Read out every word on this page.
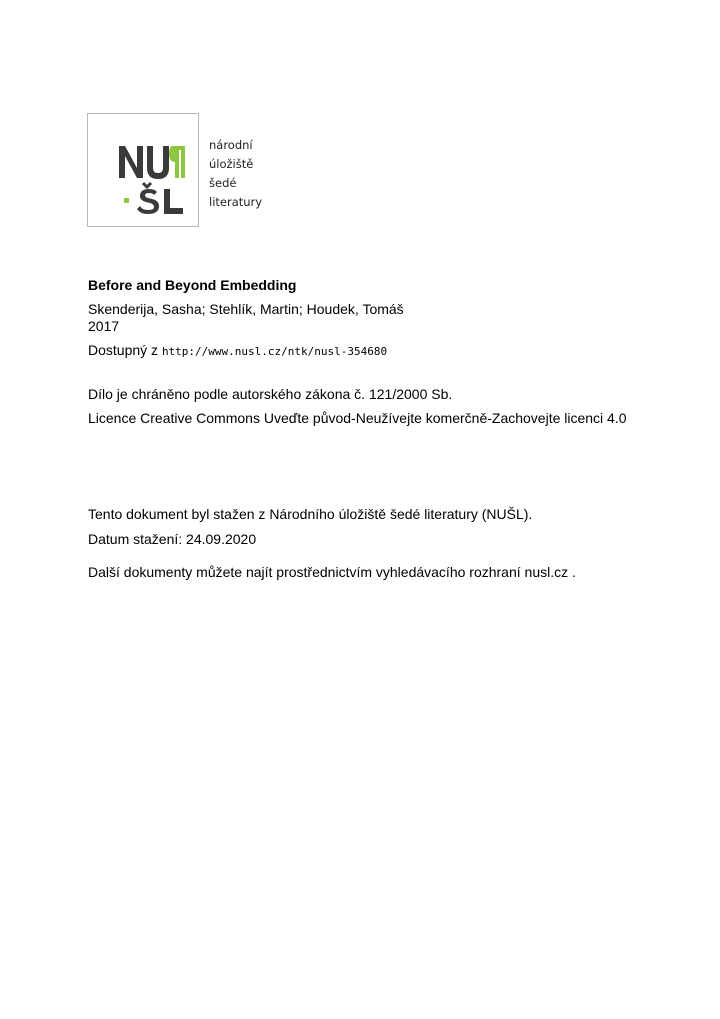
národní
úložiště
šedé
literatury
Before and Beyond Embedding
Skenderija, Sasha; Stehlík, Martin; Houdek, Tomáš
2017
Dostupný z http://www.nusl.cz/ntk/nusl-354680
Dílo je chráněno podle autorského zákona č. 121/2000 Sb.
Licence Creative Commons Uveďte původ-Neužívejte komerčně-Zachovejte licenci 4.0
Tento dokument byl stažen z Národního úložiště šedé literatury (NUŠL).
Datum stažení: 24.09.2020
Další dokumenty můžete najít prostřednictvím vyhledávacího rozhraní nusl.cz .
